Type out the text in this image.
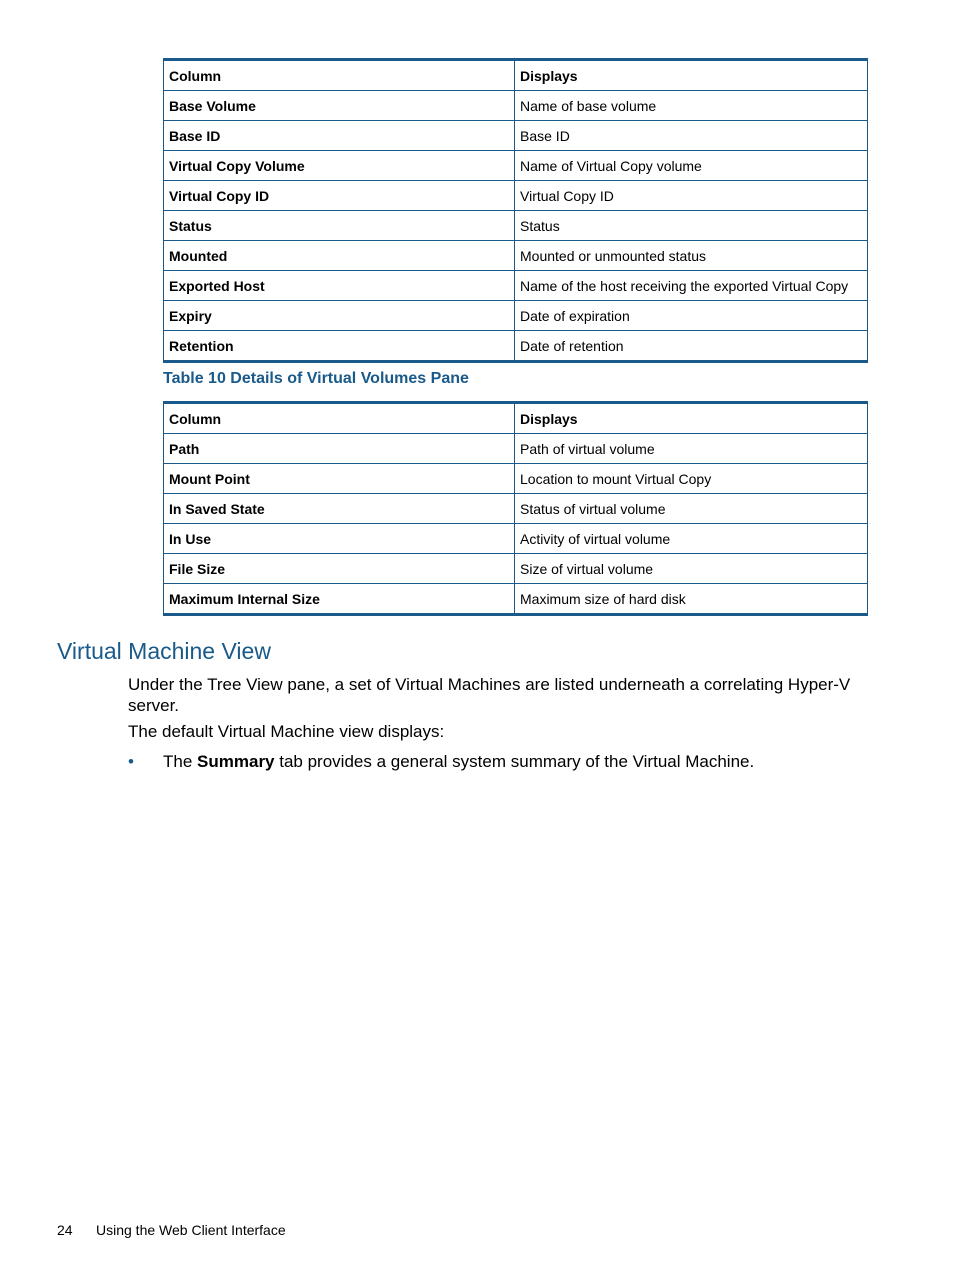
Column	Displays
Base Volume	Name of base volume
Base ID	Base ID
Virtual Copy Volume	Name of Virtual Copy volume
Virtual Copy ID	Virtual Copy ID
Status	Status
Mounted	Mounted or unmounted status
Exported Host	Name of the host receiving the exported Virtual Copy
Expiry	Date of expiration
Retention	Date of retention
Table 10 Details of Virtual Volumes Pane
Column	Displays
Path	Path of virtual volume
Mount Point	Location to mount Virtual Copy
In Saved State	Status of virtual volume
In Use	Activity of virtual volume
File Size	Size of virtual volume
Maximum Internal Size	Maximum size of hard disk
Virtual Machine View
Under the Tree View pane, a set of Virtual Machines are listed underneath a correlating Hyper-V server.
The default Virtual Machine view displays:
• The Summary tab provides a general system summary of the Virtual Machine.
24 Using the Web Client Interface
